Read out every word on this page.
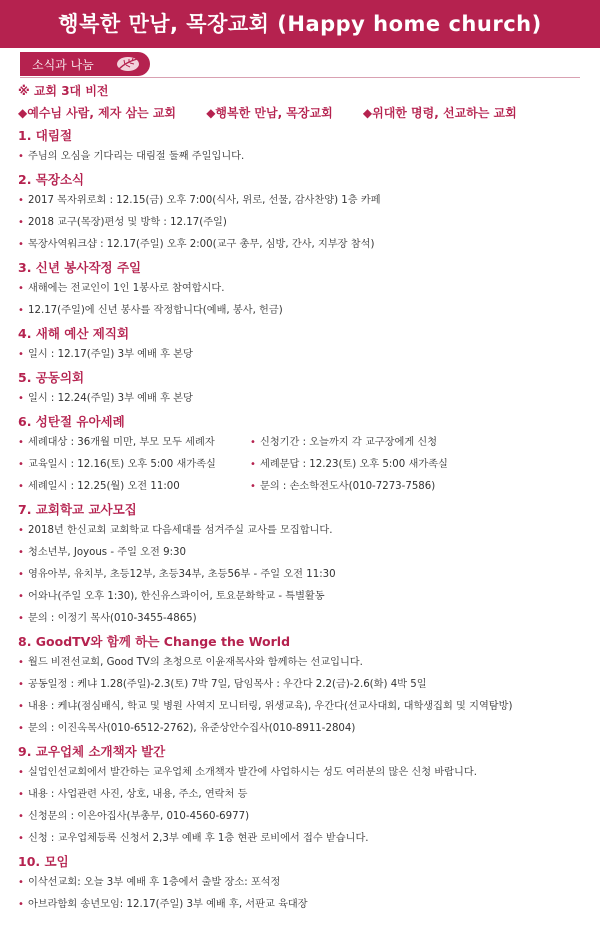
행복한 만남, 목장교회 (Happy home church)
소식과 나눔
※ 교회 3대 비전
◆예수님 사람, 제자 삼는 교회	◆행복한 만남, 목장교회	◆위대한 명령, 선교하는 교회
1. 대림절
• 주님의 오심을 기다리는 대림절 둘째 주일입니다.
2. 목장소식
• 2017 목자위로회 : 12.15(금) 오후 7:00(식사, 위로, 선물, 감사찬양) 1층 카페
• 2018 교구(목장)편성 및 방학 : 12.17(주일)
• 목장사역워크샵 : 12.17(주일) 오후 2:00(교구 총무, 심방, 간사, 지부장 참석)
3. 신년 봉사작정 주일
• 새해에는 전교인이 1인 1봉사로 참여합시다.
• 12.17(주일)에 신년 봉사를 작정합니다(예배, 봉사, 헌금)
4. 새해 예산 제직회
• 일시 : 12.17(주일) 3부 예배 후 본당
5. 공동의회
• 일시 : 12.24(주일) 3부 예배 후 본당
6. 성탄절 유아세례
• 세례대상 : 36개월 미만, 부모 모두 세례자
• 교육일시 : 12.16(토) 오후 5:00 새가족실
• 세례일시 : 12.25(월) 오전 11:00
• 신청기간 : 오늘까지 각 교구장에게 신청
• 세례문답 : 12.23(토) 오후 5:00 새가족실
• 문의 : 손소학전도사(010-7273-7586)
7. 교회학교 교사모집
• 2018년 한신교회 교회학교 다음세대를 섬겨주실 교사를 모집합니다.
• 청소년부, Joyous - 주일 오전 9:30
• 영유아부, 유치부, 초등12부, 초등34부, 초등56부 - 주일 오전 11:30
• 어와나(주일 오후 1:30), 한신유스콰이어, 토요문화학교 - 특별활동
• 문의 : 이정기 목사(010-3455-4865)
8. GoodTV와 함께 하는 Change the World
• 월드 비전선교회, Good TV의 초청으로 이윤재목사와 함께하는 선교입니다.
• 공동일정 : 케냐 1.28(주일)-2.3(토) 7박 7일, 담임목사 : 우간다 2.2(금)-2.6(화) 4박 5일
• 내용 : 케냐(점심배식, 학교 및 병원 사역지 모니터링, 위생교육), 우간다(선교사대회, 대학생집회 및 지역탐방)
• 문의 : 이진옥목사(010-6512-2762), 유준상안수집사(010-8911-2804)
9. 교우업체 소개책자 발간
• 실업인선교회에서 발간하는 교우업체 소개책자 발간에 사업하시는 성도 여러분의 많은 신청 바랍니다.
• 내용 : 사업관련 사진, 상호, 내용, 주소, 연락처 등
• 신청문의 : 이은아집사(부총무, 010-4560-6977)
• 신청 : 교우업체등록 신청서 2,3부 예배 후 1층 현관 로비에서 접수 받습니다.
10. 모임
• 이삭선교회: 오늘 3부 예배 후 1층에서 출발 장소: 포석정
• 아브라함회 송년모임: 12.17(주일) 3부 예배 후, 서판교 육대장
